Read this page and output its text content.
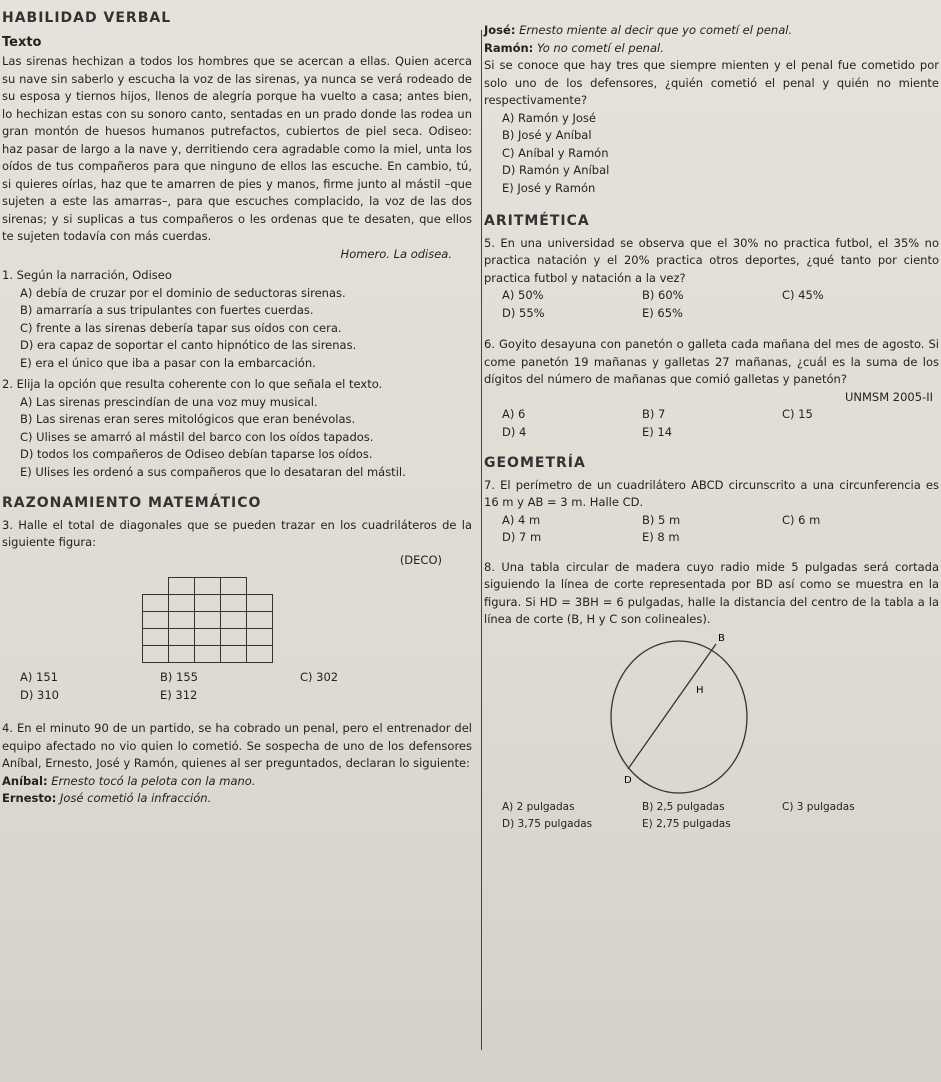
HABILIDAD VERBAL
Texto

Las sirenas hechizan a todos los hombres que se acercan a ellas. Quien acerca su nave sin saberlo y escucha la voz de las sirenas, ya nunca se verá rodeado de su esposa y tiernos hijos, llenos de alegría porque ha vuelto a casa; antes bien, lo hechizan estas con su sonoro canto, sentadas en un prado donde las rodea un gran montón de huesos humanos putrefactos, cubiertos de piel seca. Odiseo: haz pasar de largo a la nave y, derritiendo cera agradable como la miel, unta los oídos de tus compañeros para que ninguno de ellos las escuche. En cambio, tú, si quieres oírlas, haz que te amarren de pies y manos, firme junto al mástil –que sujeten a este las amarras–, para que escuches complacido, la voz de las dos sirenas; y si suplicas a tus compañeros o les ordenas que te desaten, que ellos te sujeten todavía con más cuerdas.

Homero. La odisea.

1. Según la narración, Odiseo

A) debía de cruzar por el dominio de seductoras sirenas.

B) amarraría a sus tripulantes con fuertes cuerdas.

C) frente a las sirenas debería tapar sus oídos con cera.

D) era capaz de soportar el canto hipnótico de las sirenas.

E) era el único que iba a pasar con la embarcación.

2. Elija la opción que resulta coherente con lo que señala el texto.

A) Las sirenas prescindían de una voz muy musical.

B) Las sirenas eran seres mitológicos que eran benévolas.

C) Ulises se amarró al mástil del barco con los oídos tapados.

D) todos los compañeros de Odiseo debían taparse los oídos.

E) Ulises les ordenó a sus compañeros que lo desataran del mástil.

RAZONAMIENTO MATEMÁTICO

3. Halle el total de diagonales que se pueden trazar en los cuadriláteros de la siguiente figura:

(DECO)

A) 151	B) 155	C) 302
D) 310	E) 312

4. En el minuto 90 de un partido, se ha cobrado un penal, pero el entrenador del equipo afectado no vio quien lo cometió. Se sospecha de uno de los defensores Aníbal, Ernesto, José y Ramón, quienes al ser preguntados, declaran lo siguiente:

Aníbal: Ernesto tocó la pelota con la mano.

Ernesto: José cometió la infracción.

José: Ernesto miente al decir que yo cometí el penal.

Ramón: Yo no cometí el penal.

Si se conoce que hay tres que siempre mienten y el penal fue cometido por solo uno de los defensores, ¿quién cometió el penal y quién no miente respectivamente?

A) Ramón y José

B) José y Aníbal

C) Aníbal y Ramón

D) Ramón y Aníbal

E) José y Ramón

ARITMÉTICA

5. En una universidad se observa que el 30% no practica futbol, el 35% no practica natación y el 20% practica otros deportes, ¿qué tanto por ciento practica futbol y natación a la vez?

A) 50%	B) 60%	C) 45%
D) 55%	E) 65%

6. Goyito desayuna con panetón o galleta cada mañana del mes de agosto. Si come panetón 19 mañanas y galletas 27 mañanas, ¿cuál es la suma de los dígitos del número de mañanas que comió galletas y panetón?

UNMSM 2005-II

A) 6	B) 7	C) 15
D) 4	E) 14
GEOMETRÍA

7. El perímetro de un cuadrilátero ABCD circunscrito a una circunferencia es 16 m y AB = 3 m. Halle CD.

A) 4 m	B) 5 m	C) 6 m
D) 7 m	E) 8 m

8. Una tabla circular de madera cuyo radio mide 5 pulgadas será cortada siguiendo la línea de corte representada por BD así como se muestra en la figura. Si HD = 3BH = 6 pulgadas, halle la distancia del centro de la tabla a la línea de corte (B, H y C son colineales).

B
H
D
A) 2 pulgadas	B) 2,5 pulgadas	C) 3 pulgadas
D) 3,75 pulgadas	E) 2,75 pulgadas
